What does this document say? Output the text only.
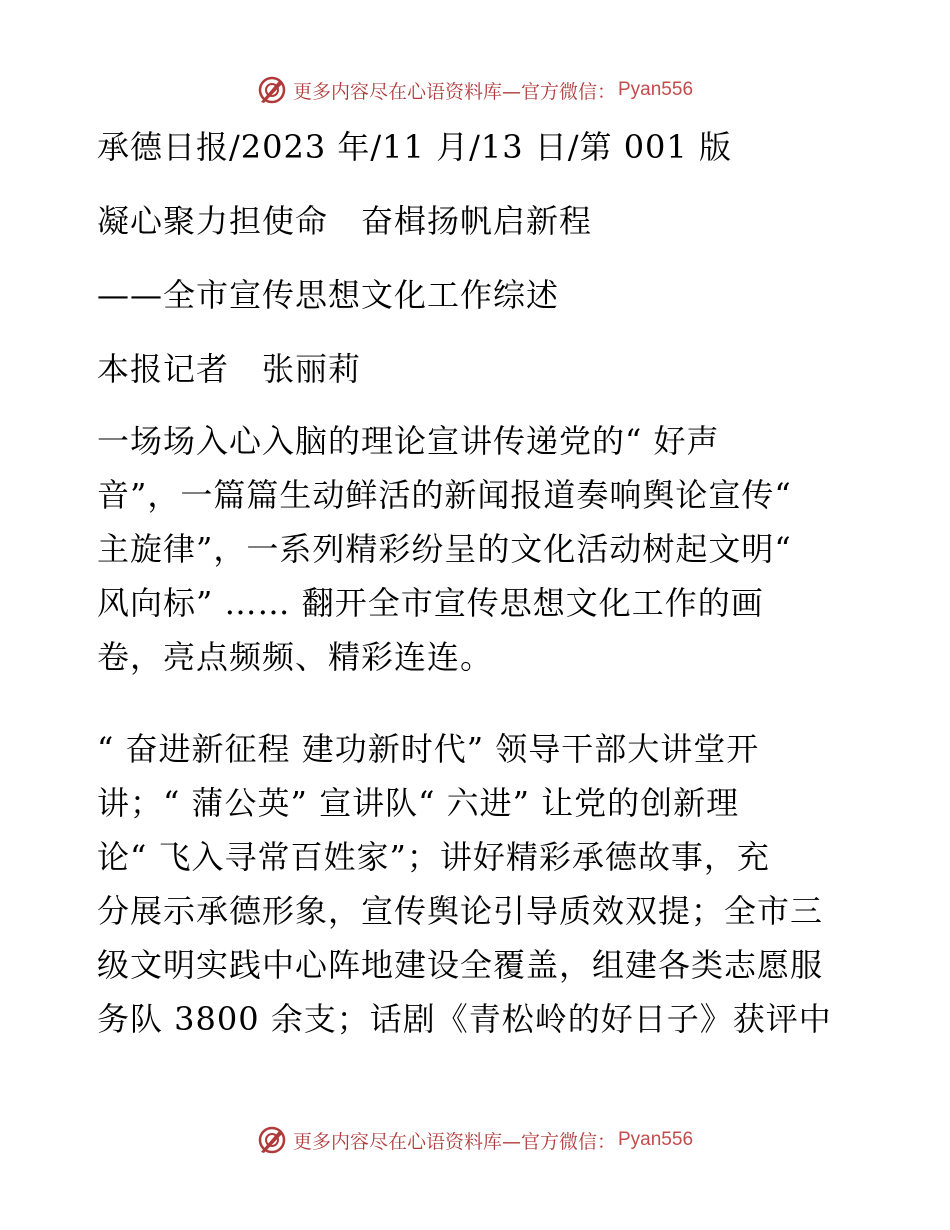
更多内容尽在心语资料库—官方微信： Pyan556
承德日报/2023 年/11 月/13 日/第 001 版
凝心聚力担使命　奋楫扬帆启新程
——全市宣传思想文化工作综述
本报记者　张丽莉
一场场入心入脑的理论宣讲传递党的“ 好声
音”，一篇篇生动鲜活的新闻报道奏响舆论宣传“
主旋律”，一系列精彩纷呈的文化活动树起文明“
风向标” …… 翻开全市宣传思想文化工作的画
卷，亮点频频、精彩连连。
“ 奋进新征程 建功新时代” 领导干部大讲堂开
讲；“ 蒲公英” 宣讲队“ 六进” 让党的创新理
论“ 飞入寻常百姓家”；讲好精彩承德故事，充
分展示承德形象，宣传舆论引导质效双提；全市三
级文明实践中心阵地建设全覆盖，组建各类志愿服
务队 3800 余支；话剧《青松岭的好日子》获评中
更多内容尽在心语资料库—官方微信： Pyan556
